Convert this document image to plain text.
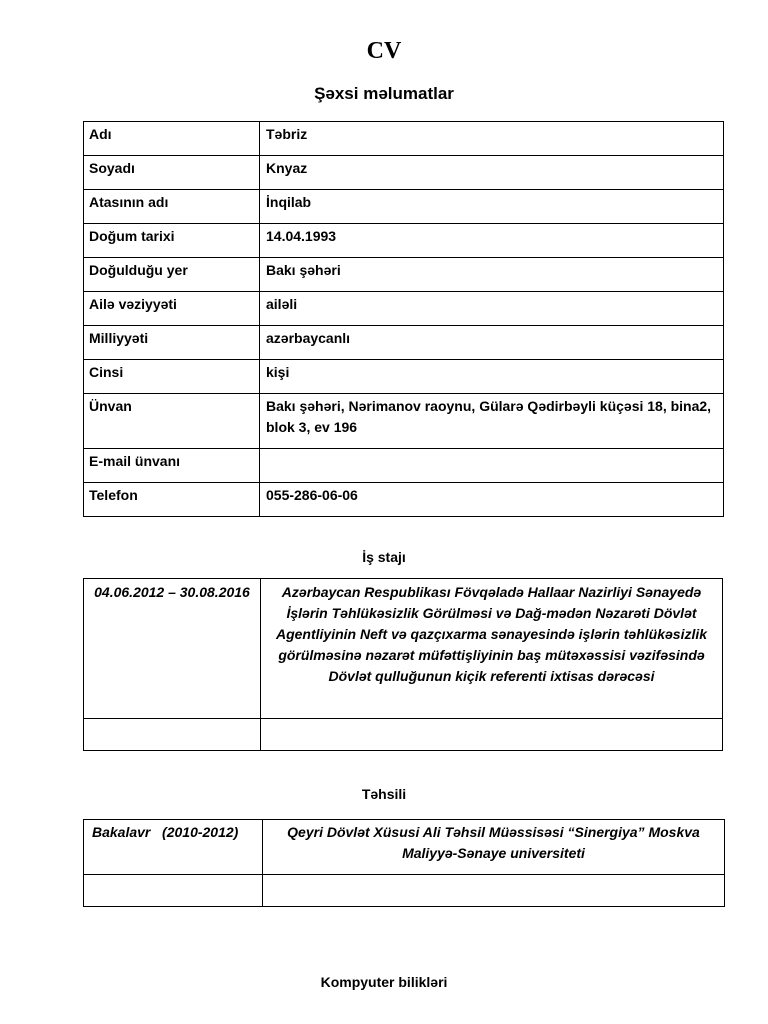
CV
Şəxsi məlumatlar
Adı	Təbriz
Soyadı	Knyaz
Atasının adı	İnqilab
Doğum tarixi	14.04.1993
Doğulduğu yer	Bakı şəhəri
Ailə vəziyyəti	ailəli
Milliyyəti	azərbaycanlı
Cinsi	kişi
Ünvan	Bakı şəhəri, Nərimanov raoynu, Gülarə Qədirbəyli küçəsi 18, bina2, blok 3, ev 196
E-mail ünvanı	
Telefon	055-286-06-06
İş stajı
04.06.2012 – 30.08.2016	Azərbaycan Respublikası Fövqəladə Hallaar Nazirliyi Sənayedə İşlərin Təhlükəsizlik Görülməsi və Dağ-mədən Nəzarəti Dövlət Agentliyinin Neft və qazçıxarma sənayesində işlərin təhlükəsizlik görülməsinə nəzarət müfəttişliyinin baş mütəxəssisi vəzifəsində Dövlət qulluğunun kiçik referenti ixtisas dərəcəsi

Təhsili
Bakalavr   (2010-2012)	Qeyri Dövlət Xüsusi Ali Təhsil Müəssisəsi “Sinergiya” Moskva Maliyyə-Sənaye universiteti

Kompyuter bilikləri
